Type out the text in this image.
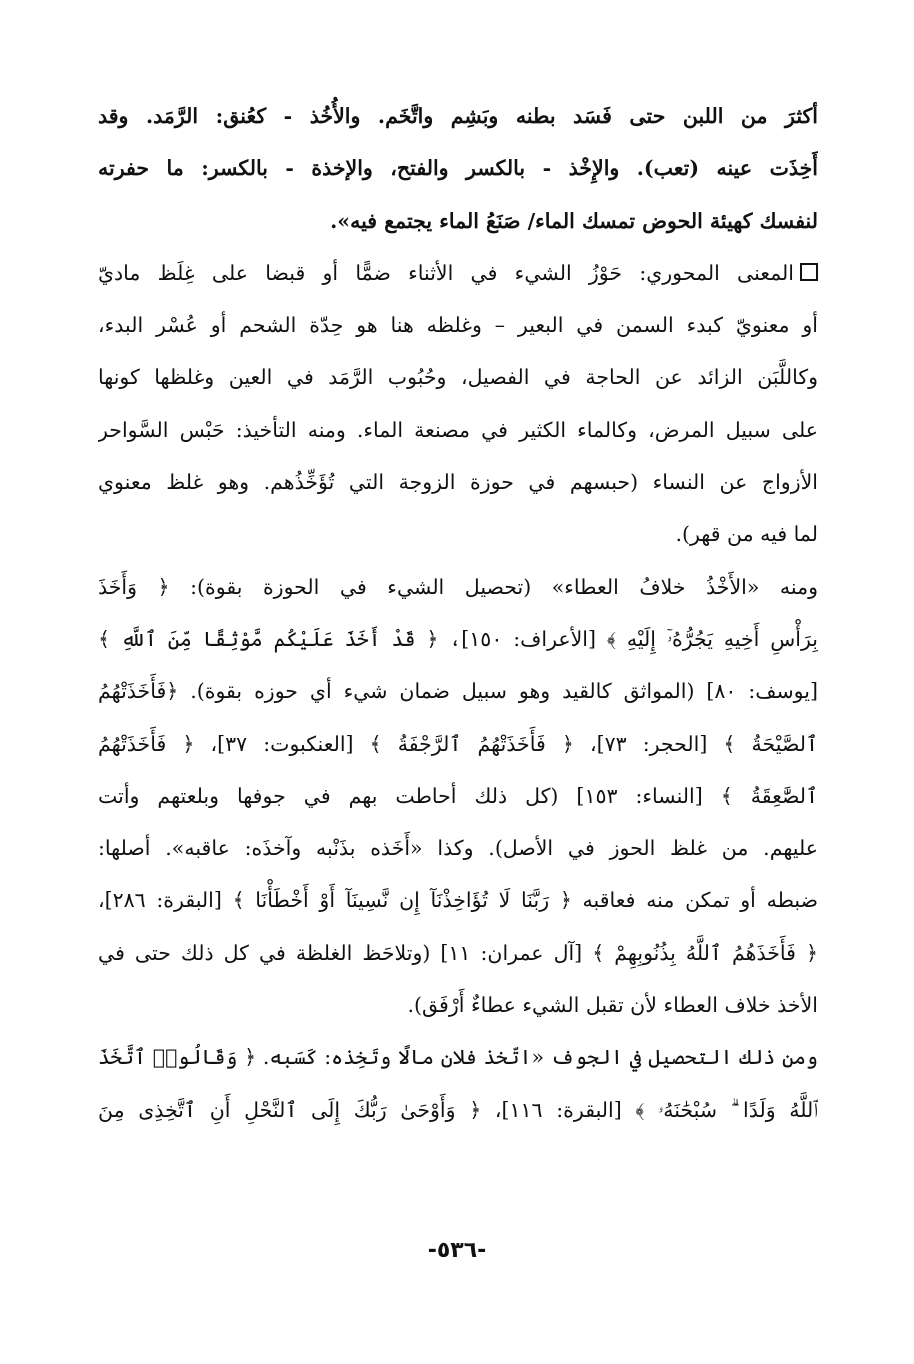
أكثرَ من اللبن حتى فَسَد بطنه وبَشِم واتَّخَم. والأُخُذ - كعُنق: الرَّمَد. وقد
أَخِذَت عينه (تعب). والإِخْذ - بالكسر والفتح، والإخذة - بالكسر: ما حفرته
لنفسك كهيئة الحوض تمسك الماء/ صَنَعُ الماء يجتمع فيه».

المعنى المحوري: حَوْزُ الشيء في الأثناء ضمًّا أو قبضا على غِلَظ ماديّ
أو معنويّ كبدء السمن في البعير – وغلظه هنا هو حِدّة الشحم أو عُسْر البدء،
وكاللَّبَن الزائد عن الحاجة في الفصيل، وحُبُوب الرَّمَد في العين وغلظها كونها
على سبيل المرض، وكالماء الكثير في مصنعة الماء. ومنه التأخيذ: حَبْس السَّواحر
الأزواج عن النساء (حبسهم في حوزة الزوجة التي تُؤَخِّذُهم. وهو غلظ معنوي
لما فيه من قهر).

ومنه «الأَخْذُ خلافُ العطاء» (تحصيل الشيء في الحوزة بقوة): ﴿ وَأَخَذَ
بِرَأْسِ أَخِيهِ يَجُرُّهُۥٓ إِلَيْهِ ﴾ [الأعراف: ١٥٠]، ﴿ قَدْ أَخَذَ عَلَيْكُم مَّوْثِقًا مِّنَ ٱللَّهِ ﴾
[يوسف: ٨٠] (المواثق كالقيد وهو سبيل ضمان شيء أي حوزه بقوة). ﴿فَأَخَذَتْهُمُ
ٱلصَّيْحَةُ ﴾ [الحجر: ٧٣]، ﴿ فَأَخَذَتْهُمُ ٱلرَّجْفَةُ ﴾ [العنكبوت: ٣٧]، ﴿ فَأَخَذَتْهُمُ
ٱلصَّٰعِقَةُ ﴾ [النساء: ١٥٣] (كل ذلك أحاطت بهم في جوفها وبلعتهم وأتت
عليهم. من غلظ الحوز في الأصل). وكذا «أَخَذه بذَنْبه وآخذَه: عاقبه». أصلها:
ضبطه أو تمكن منه فعاقبه ﴿ رَبَّنَا لَا تُؤَاخِذْنَآ إِن نَّسِينَآ أَوْ أَخْطَأْنَا ﴾ [البقرة: ٢٨٦]،
﴿ فَأَخَذَهُمُ ٱللَّهُ بِذُنُوبِهِمْ ﴾ [آل عمران: ١١] (وتلاحَظ الغلظة في كل ذلك حتى في
الأخذ خلاف العطاء لأن تقبل الشيء عطاءٌ أَرْفَق).

ومن ذلك التحصيل في الجوف «اتّخذ فلان مالًا وتَخِذه: كَسَبه. ﴿ وَقَالُوا۟ ٱتَّخَذَ
ٱللَّهُ وَلَدًا ۗ سُبْحَٰنَهُۥ ﴾ [البقرة: ١١٦]، ﴿ وَأَوْحَىٰ رَبُّكَ إِلَى ٱلنَّحْلِ أَنِ ٱتَّخِذِى مِنَ

-٥٣٦-
